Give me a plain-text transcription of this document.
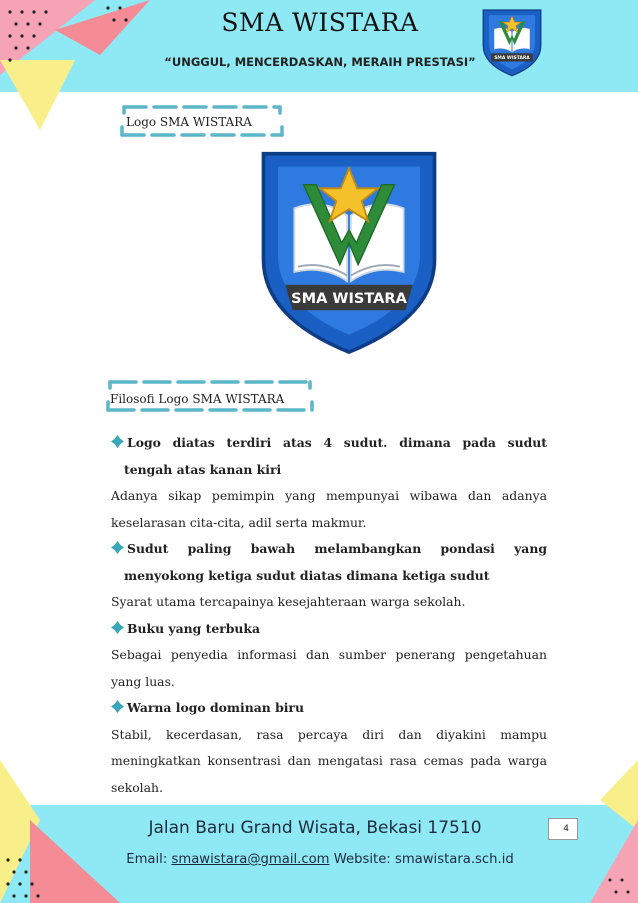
SMA WISTARA
“UNGGUL, MENCERDASKAN, MERAIH PRESTASI”	SMA WISTARA
Logo SMA WISTARA
SMA WISTARA
Filosofi Logo SMA WISTARA
Logo diatas terdiri atas 4 sudut. dimana pada sudut
tengah atas kanan kiri
Adanya sikap pemimpin yang mempunyai wibawa dan adanya
keselarasan cita-cita, adil serta makmur.
Sudut paling bawah melambangkan pondasi yang
menyokong ketiga sudut diatas dimana ketiga sudut
Syarat utama tercapainya kesejahteraan warga sekolah.
Buku yang terbuka
Sebagai penyedia informasi dan sumber penerang pengetahuan
yang luas.
Warna logo dominan biru
Stabil, kecerdasan, rasa percaya diri dan diyakini mampu
meningkatkan konsentrasi dan mengatasi rasa cemas pada warga
sekolah.
Jalan Baru Grand Wisata, Bekasi 17510
Email: smawistara@gmail.com Website: smawistara.sch.id
4
